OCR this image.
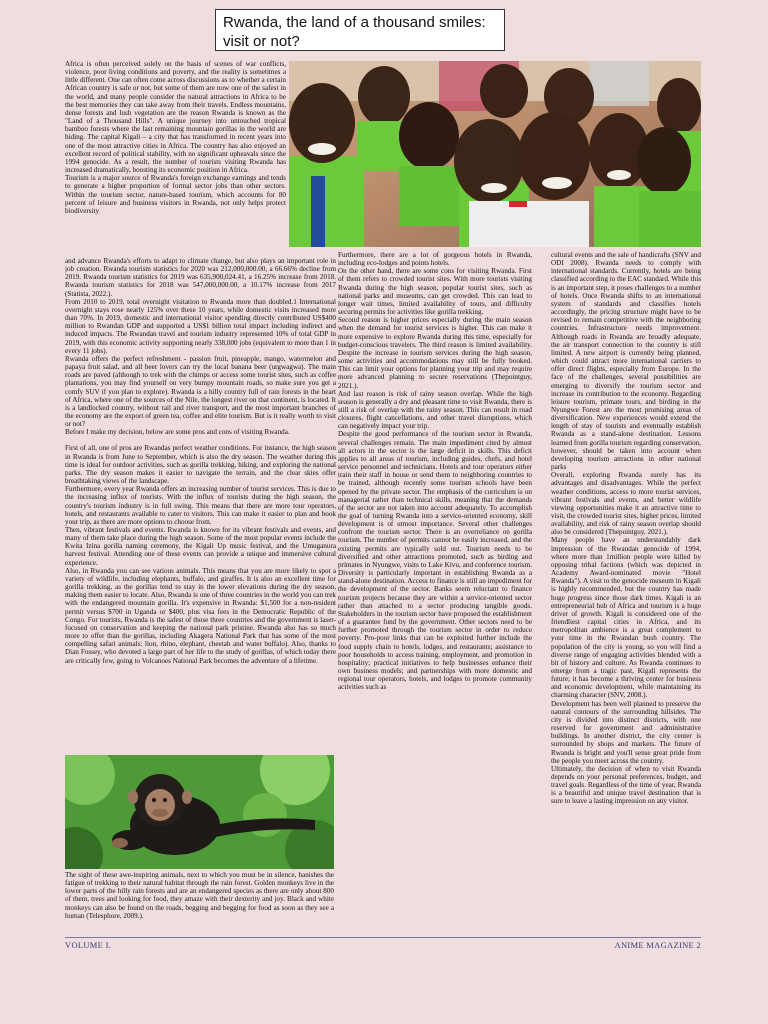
Rwanda, the land of a thousand smiles: visit or not?

Africa is often perceived solely on the basis of scenes of war conflicts, violence, poor living conditions and poverty, and the reality is sometimes a little different. One can often come across discussions as to whether a certain African country is safe or not, but some of them are now one of the safest in the world, and many people consider the natural attractions in Africa to be the best memories they can take away from their travels. Endless mountains, dense forests and lush vegetation are the reason Rwanda is known as the "Land of a Thousand Hills". A unique journey into untouched tropical bamboo forests where the last remaining mountain gorillas in the world are hiding. The capital Kigali – a city that has transformed in recent years into one of the most attractive cities in Africa. The country has also enjoyed an excellent record of political stability, with no significant upheavals since the 1994 genocide. As a result, the number of tourists visiting Rwanda has increased dramatically, boosting its economic position in Africa.

Tourism is a major source of Rwanda's foreign exchange earnings and tends to generate a higher proportion of formal sector jobs than other sectors. Within the tourism sector, nature-based tourism, which accounts for 80 percent of leisure and business visitors in Rwanda, not only helps protect biodiversity

and advance Rwanda's efforts to adapt to climate change, but also plays an important role in job creation. Rwanda tourism statistics for 2020 was 212,000,000.00, a 66.66% decline from 2019. Rwanda tourism statistics for 2019 was 635,900,024.41, a 16.25% increase from 2018. Rwanda tourism statistics for 2018 was 547,000,000.00, a 10.17% increase from 2017 (Statista, 2022.).

From 2010 to 2019, total overnight visitation to Rwanda more than doubled.1 International overnight stays rose nearly 125% over these 10 years, while domestic visits increased more than 70%. In 2019, domestic and international visitor spending directly contributed US$400 million to Rwandan GDP and supported a US$1 billion total impact including indirect and induced impacts. The Rwandan travel and tourism industry represented 10% of total GDP in 2019, with this economic activity supporting nearly 338,000 jobs (equivalent to more than 1 in every 11 jobs).

Rwanda offers the perfect refreshment - passion fruit, pineapple, mango, watermelon and papaya fruit salad, and all beer lovers can try the local banana beer (urgwagwa). The main roads are paved (although to trek with the chimps or access some tourist sites, such as coffee plantations, you may find yourself on very bumpy mountain roads, so make sure you get a comfy SUV if you plan to explore). Rwanda is a hilly country full of rain forests in the heart of Africa, where one of the sources of the Nile, the longest river on that continent, is located. It is a landlocked country, without rail and river transport, and the most important branches of the economy are the export of green tea, coffee and elite tourism. But is it really worth to visit or not?

Before I make my decision, below are some pros and cons of visiting Rwanda.

First of all, one of pros are Rwandas perfect weather conditions. For instance, the high season in Rwanda is from June to September, which is also the dry season. The weather during this time is ideal for outdoor activities, such as gorilla trekking, hiking, and exploring the national parks. The dry season makes it easier to navigate the terrain, and the clear skies offer breathtaking views of the landscape.

Furthermore, every year Rwanda offers an increasing number of tourist services. This is due to the increasing influx of tourists. With the influx of tourists during the high season, the country's tourism industry is in full swing. This means that there are more tour operators, hotels, and restaurants available to cater to visitors. This can make it easier to plan and book your trip, as there are more options to choose from.

Then, vibrant festivals and events. Rwanda is known for its vibrant festivals and events, and many of them take place during the high season. Some of the most popular events include the Kwita Izina gorilla naming ceremony, the Kigali Up music festival, and the Umuganura harvest festival. Attending one of these events can provide a unique and immersive cultural experience.

Also, in Rwanda you can see various animals. This means that you are more likely to spot a variety of wildlife, including elephants, buffalo, and giraffes. It is also an excellent time for gorilla trekking, as the gorillas tend to stay in the lower elevations during the dry season, making them easier to locate. Also, Rwanda is one of three countries in the world you can trek with the endangered mountain gorilla. It's expensive in Rwanda: $1,500 for a non-resident permit versus $700 in Uganda or $400, plus visa fees in the Democratic Republic of the Congo. For tourists, Rwanda is the safest of those three countries and the government is laser-focused on conservation and keeping the national park pristine. Rwanda also has so much more to offer than the gorillas, including Akagera National Park that has some of the most compelling safari animals: lion, rhino, elephant, cheetah and water buffalo). Also, thanks to Dian Fossey, who devoted a large part of her life to the study of gorillas, of which today there are critically few, going to Volcanoes National Park becomes the adventure of a lifetime.

The sight of these awe-inspiring animals, next to which you must be in silence, banishes the fatigue of trekking to their natural habitat through the rain forest. Golden monkeys live in the lower parts of the hilly rain forests and are an endangered species as there are only about 800 of them, trees and looking for food, they amaze with their dexterity and joy. Black and white monkeys can also be found on the roads, begging and begging for food as soon as they see a human (Telesphore, 2009.).

Furthermore, there are a lot of gorgeous hotels in Rwanda, including eco-lodges and points hotels.

On the other hand, there are some cons for visiting Rwanda. First of them refers to crowded tourist sites. With more tourists visiting Rwanda during the high season, popular tourist sites, such as national parks and museums, can get crowded. This can lead to longer wait times, limited availability of tours, and difficulty securing permits for activities like gorilla trekking.

Second reason is higher prices especially during the main season when the demand for tourist services is higher. This can make it more expensive to explore Rwanda during this time, especially for budget-conscious travelers. The third reason is limited availability. Despite the increase in tourism services during the high season, some activities and accommodations may still be fully booked. This can limit your options for planning your trip and may require more advanced planning to secure reservations (Thepointguy, 2021.).

And last reason is risk of rainy season overlap. While the high season is generally a dry and pleasant time to visit Rwanda, there is still a risk of overlap with the rainy season. This can result in road closures, flight cancellations, and other travel disruptions, which can negatively impact your trip.

Despite the good performance of the tourism sector in Rwanda, several challenges remain. The main impediment cited by almost all actors in the sector is the large deficit in skills. This deficit applies to all areas of tourism, including guides, chefs, and hotel service personnel and technicians. Hotels and tour operators either train their staff in house or send them to neighboring countries to be trained, although recently some tourism schools have been opened by the private sector. The emphasis of the curriculum is on managerial rather than technical skills, meaning that the demands of the sector are not taken into account adequately. To accomplish the goal of turning Rwanda into a service-oriented economy, skill development is of utmost importance. Several other challenges confront the tourism sector. There is an overreliance on gorilla tourism. The number of permits cannot be easily increased, and the existing permits are typically sold out. Tourism needs to be diversified and other attractions promoted, such as birding and primates in Nyungwe, visits to Lake Kivu, and conference tourism. Diversity is particularly important in establishing Rwanda as a stand-alone destination. Access to finance is still an impediment for the development of the sector. Banks seem reluctant to finance tourism projects because they are within a service-oriented sector rather than attached to a sector producing tangible goods. Stakeholders in the tourism sector have proposed the establishment of a guarantee fund by the government. Other sectors need to be further promoted through the tourism sector in order to reduce poverty. Pro-poor links that can be exploited further include the food supply chain to hotels, lodges, and restaurants; assistance to poor households to access training, employment, and promotion in hospitality; practical initiatives to help businesses enhance their own business models; and partnerships with more domestic and regional tour operators, hotels, and lodges to promote community activities such as

cultural events and the sale of handicrafts (SNV and ODI 2008). Rwanda needs to comply with international standards. Currently, hotels are being classified according to the EAC standard. While this is an important step, it poses challenges to a number of hotels. Once Rwanda shifts to an international system of standards and classifies hotels accordingly, the pricing structure might have to be revised to remain competitive with the neighboring countries. Infrastructure needs improvement. Although roads in Rwanda are broadly adequate, the air transport connection to the country is still limited. A new airport is currently being planned, which could attract more international carriers to offer direct flights, especially from Europe. In the face of the challenges, several possibilities are emerging to diversify the tourism sector and increase its contribution to the economy. Regarding leisure tourism, primate tours, and birding in the Nyungwe Forest are the most promising areas of diversification. New experiences would extend the length of stay of tourists and eventually establish Rwanda as a stand-alone destination. Lessons learned from gorilla tourism regarding conservation, however, should be taken into account when developing tourism attractions in other national parks

Overall, exploring Rwanda surely has its advantages and disadvantages. While the perfect weather conditions, access to more tourist services, vibrant festivals and events, and better wildlife viewing opportunities make it an attractive time to visit, the crowded tourist sites, higher prices, limited availability, and risk of rainy season overlap should also be considered (Thepointguy, 2021.).

Many people have an understandably dark impression of the Rwandan genocide of 1994, where more than 1million people were killed by opposing tribal factions (which was depicted in Academy Award-nominated movie "Hotel Rwanda"). A visit to the genocide museum in Kigali is highly recommended, but the country has made huge progress since those dark times. Kigali is an entrepreneurial hub of Africa and tourism is a huge driver of growth. Kigali is considered one of the friendliest capital cities in Africa, and its metropolitan ambience is a great complement to your time in the Rwandan bush country. The population of the city is young, so you will find a diverse range of engaging activities blended with a bit of history and culture. As Rwanda continues to emerge from a tragic past, Kigali represents the future; it has become a thriving center for business and economic development, while maintaining its charming character (SNV, 2008.).

Development has been well planned to preserve the natural contours of the surrounding hillsides. The city is divided into distinct districts, with one reserved for government and administrative buildings. In another district, the city center is surrounded by shops and markets. The future of Rwanda is bright and you'll sense great pride from the people you meet across the country.

Ultimately, the decision of when to visit Rwanda depends on your personal preferences, budget, and travel goals. Regardless of the time of year, Rwanda is a beautiful and unique travel destination that is sure to leave a lasting impression on any visitor.

VOLUME I.	ANIME MAGAZINE 2
